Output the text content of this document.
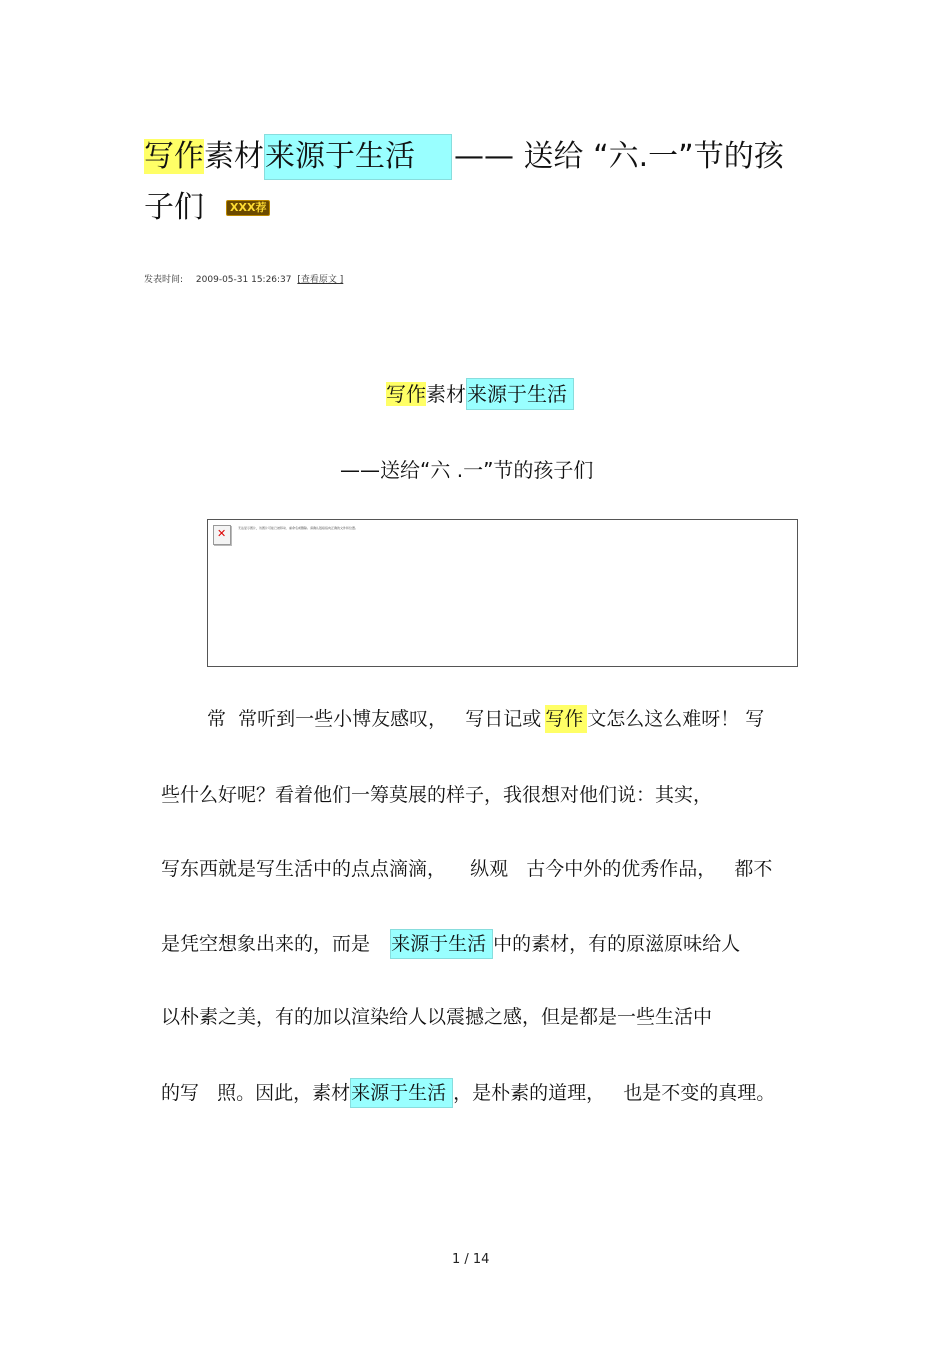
写作素材来源于生活 —— 送给 “六.一”节的孩
子们 XXX荐
发表时间: 2009-05-31 15:26:37 [查看原文 ]
写作素材来源于生活
——送给“六 .一”节的孩子们
✕
无法显示图片，该图片可能已被移动、重命名或删除。请确认链接指向正确的文件和位置。
常  常听到一些小博友感叹，   写日记或 写作 文怎么这么难呀！ 写
些什么好呢？看着他们一筹莫展的样子，我很想对他们说：其实，
写东西就是写生活中的点点滴滴，    纵观   古今中外的优秀作品，   都不
是凭空想象出来的，而是  来源于生活 中的素材，有的原滋原味给人
以朴素之美，有的加以渲染给人以震撼之感，但是都是一些生活中
的写   照。因此，素材来源于生活 ，是朴素的道理，   也是不变的真理。
1 / 14
